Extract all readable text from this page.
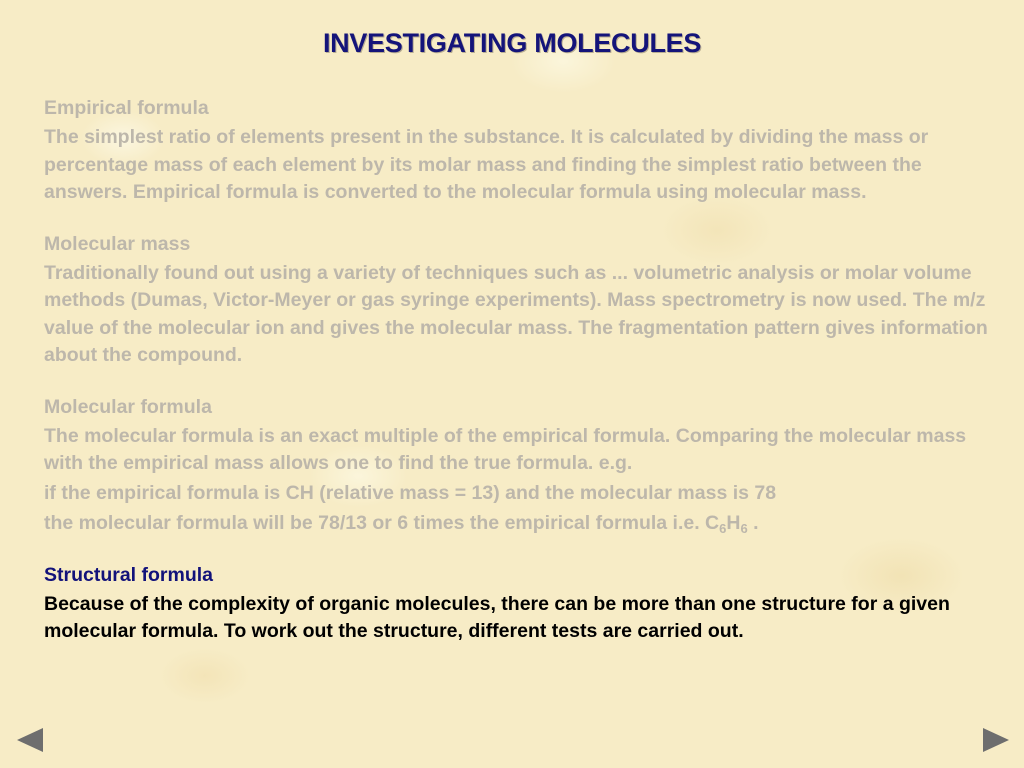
INVESTIGATING MOLECULES
Empirical formula
The simplest ratio of elements present in the substance. It is calculated by dividing the mass or percentage mass of each element by its molar mass and finding the simplest ratio between the answers. Empirical formula is converted to the molecular formula using molecular mass.
Molecular mass
Traditionally found out using a variety of techniques such as ... volumetric analysis or molar volume methods (Dumas, Victor-Meyer or gas syringe experiments). Mass spectrometry is now used. The m/z value of the molecular ion and gives the molecular mass. The fragmentation pattern gives information about the compound.
Molecular formula
The molecular formula is an exact multiple of the empirical formula. Comparing the molecular mass with the empirical mass allows one to find the true formula. e.g.
if the empirical formula is CH (relative mass = 13) and the molecular mass is 78
the molecular formula will be 78/13 or 6 times the empirical formula i.e. $C_6H_6$ .
Structural formula
Because of the complexity of organic molecules, there can be more than one structure for a given molecular formula. To work out the structure, different tests are carried out.
